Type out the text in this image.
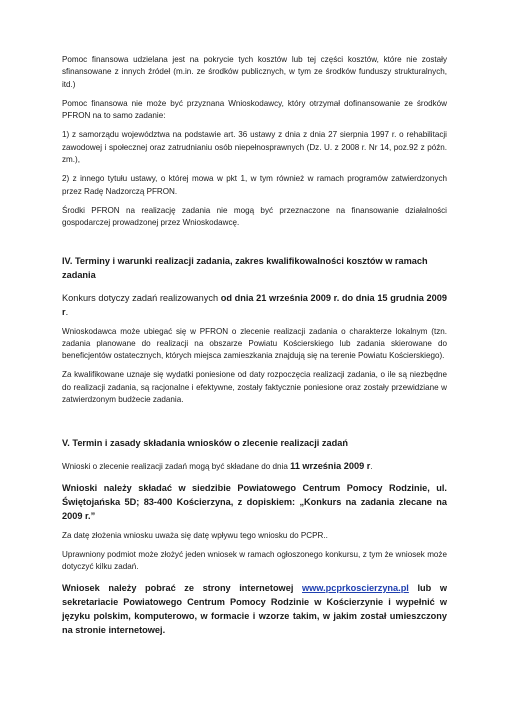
Pomoc finansowa udzielana jest na pokrycie tych kosztów lub tej części kosztów, które nie zostały sfinansowane z innych źródeł (m.in. ze środków publicznych, w tym ze środków funduszy strukturalnych, itd.)

Pomoc finansowa nie może być przyznana Wnioskodawcy, który otrzymał dofinansowanie ze środków PFRON na to samo zadanie:

1) z samorządu województwa na podstawie art. 36 ustawy z dnia z dnia 27 sierpnia 1997 r. o rehabilitacji zawodowej i społecznej oraz zatrudnianiu osób niepełnosprawnych (Dz. U. z 2008 r. Nr 14, poz.92 z późn. zm.),

2) z innego tytułu ustawy, o której mowa w pkt 1, w tym również w ramach programów zatwierdzonych przez Radę Nadzorczą PFRON.

Środki PFRON na realizację zadania nie mogą być przeznaczone na finansowanie działalności gospodarczej prowadzonej przez Wnioskodawcę.

IV. Terminy i warunki realizacji zadania, zakres kwalifikowalności kosztów w ramach zadania

Konkurs dotyczy zadań realizowanych od dnia 21 września 2009 r. do dnia 15 grudnia 2009 r.

Wnioskodawca może ubiegać się w PFRON o zlecenie realizacji zadania o charakterze lokalnym (tzn. zadania planowane do realizacji na obszarze Powiatu Kościerskiego lub zadania skierowane do beneficjentów ostatecznych, których miejsca zamieszkania znajdują się na terenie Powiatu Kościerskiego).

Za kwalifikowane uznaje się wydatki poniesione od daty rozpoczęcia realizacji zadania, o ile są niezbędne do realizacji zadania, są racjonalne i efektywne, zostały faktycznie poniesione oraz zostały przewidziane w zatwierdzonym budżecie zadania.

V. Termin i zasady składania wniosków o zlecenie realizacji zadań

Wnioski o zlecenie realizacji zadań mogą być składane do dnia 11 września 2009 r.

Wnioski należy składać w siedzibie Powiatowego Centrum Pomocy Rodzinie, ul. Świętojańska 5D; 83-400 Kościerzyna, z dopiskiem: „Konkurs na zadania zlecane na 2009 r.”

Za datę złożenia wniosku uważa się datę wpływu tego wniosku do PCPR..

Uprawniony podmiot może złożyć jeden wniosek w ramach ogłoszonego konkursu, z tym że wniosek może dotyczyć kilku zadań.

Wniosek należy pobrać ze strony internetowej www.pcprkoscierzyna.pl lub w sekretariacie Powiatowego Centrum Pomocy Rodzinie w Kościerzynie i wypełnić w języku polskim, komputerowo, w formacie i wzorze takim, w jakim został umieszczony na stronie internetowej.
